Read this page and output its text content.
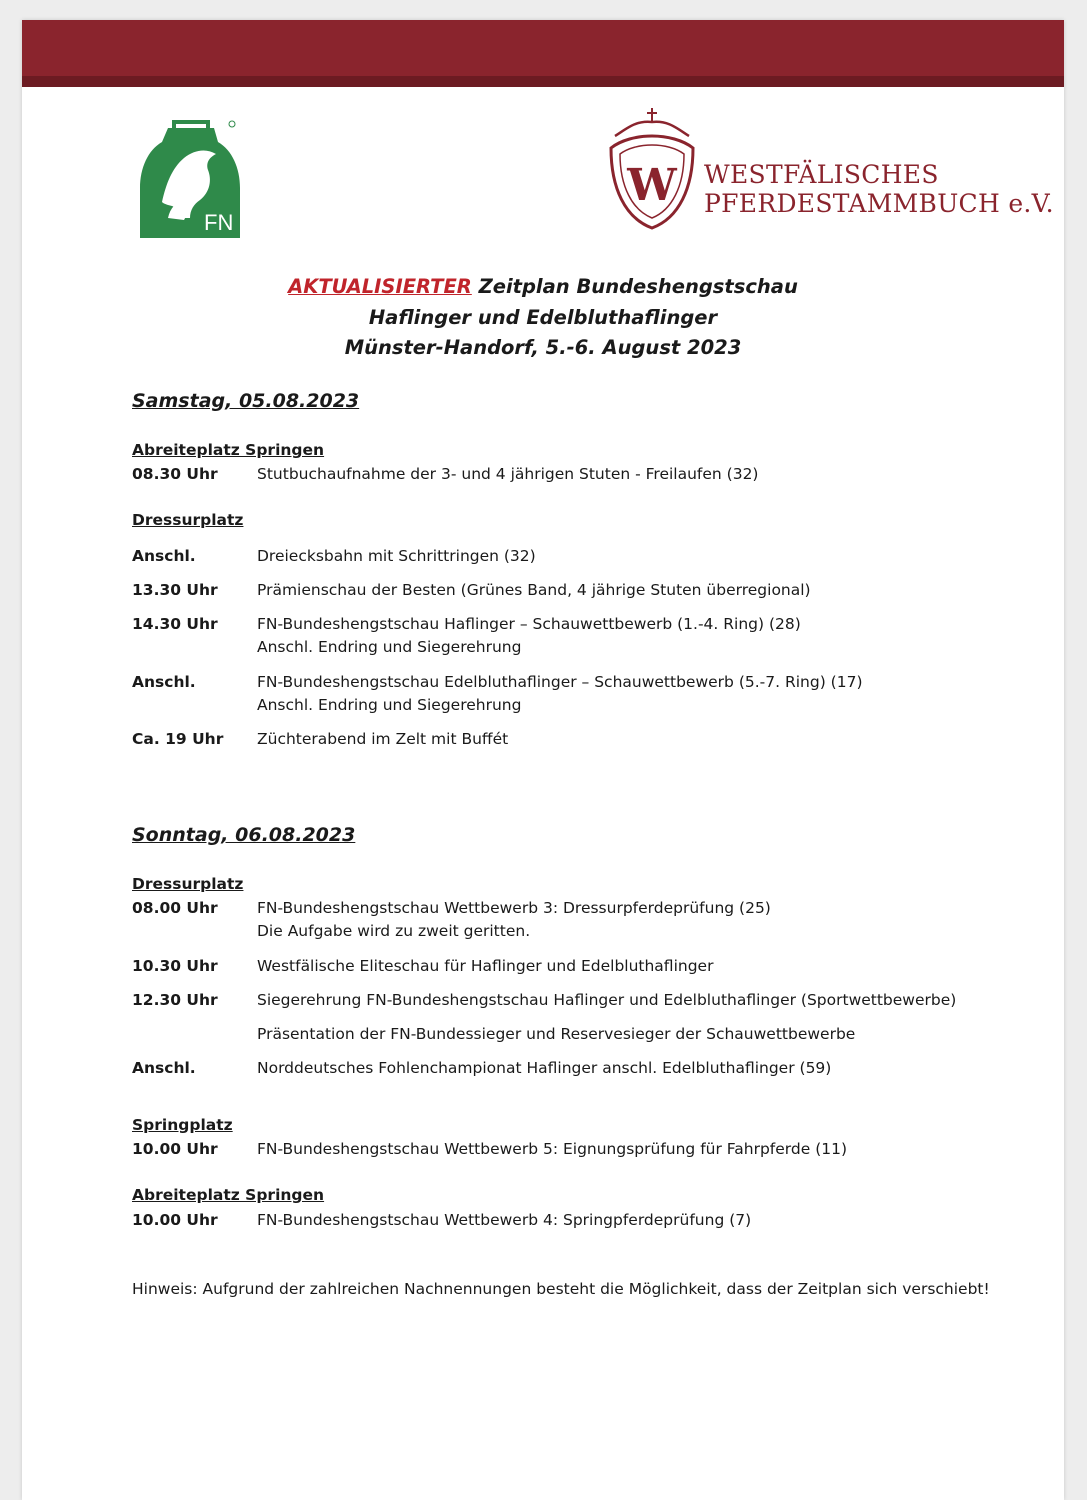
FN
W WESTFÄLISCHES
PFERDESTAMMBUCH e.V.
AKTUALISIERTER Zeitplan Bundeshengstschau
Haflinger und Edelbluthaflinger
Münster-Handorf, 5.-6. August 2023
Samstag, 05.08.2023
Abreiteplatz Springen
08.30 Uhr	Stutbuchaufnahme der 3- und 4 jährigen Stuten - Freilaufen (32)
Dressurplatz
Anschl.	Dreiecksbahn mit Schrittringen (32)
13.30 Uhr	Prämienschau der Besten (Grünes Band, 4 jährige Stuten überregional)
14.30 Uhr	FN-Bundeshengstschau Haflinger – Schauwettbewerb (1.-4. Ring) (28)
Anschl. Endring und Siegerehrung
Anschl.	FN-Bundeshengstschau Edelbluthaflinger – Schauwettbewerb (5.-7. Ring) (17)
Anschl. Endring und Siegerehrung
Ca. 19 Uhr Züchterabend im Zelt mit Buffét
Sonntag, 06.08.2023
Dressurplatz
08.00 Uhr	FN-Bundeshengstschau Wettbewerb 3: Dressurpferdeprüfung (25)
Die Aufgabe wird zu zweit geritten.
10.30 Uhr	Westfälische Eliteschau für Haflinger und Edelbluthaflinger
12.30 Uhr	Siegerehrung FN-Bundeshengstschau Haflinger und Edelbluthaflinger (Sportwettbewerbe)
Präsentation der FN-Bundessieger und Reservesieger der Schauwettbewerbe
Anschl.	Norddeutsches Fohlenchampionat Haflinger anschl. Edelbluthaflinger (59)
Springplatz
10.00 Uhr	FN-Bundeshengstschau Wettbewerb 5: Eignungsprüfung für Fahrpferde (11)
Abreiteplatz Springen
10.00 Uhr	FN-Bundeshengstschau Wettbewerb 4: Springpferdeprüfung (7)
Hinweis: Aufgrund der zahlreichen Nachnennungen besteht die Möglichkeit, dass der Zeitplan sich verschiebt!
